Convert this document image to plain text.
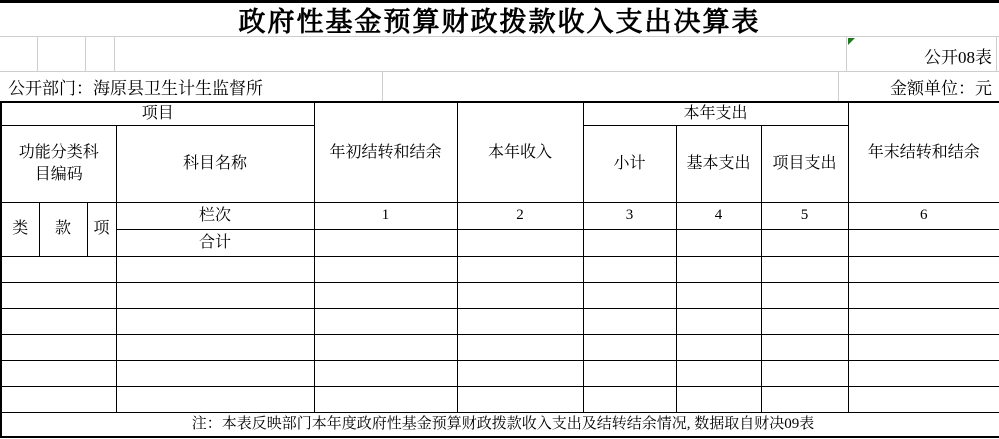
政府性基金预算财政拨款收入支出决算表
公开08表
公开部门：海原县卫生计生监督所	金额单位：元
项目				年初结转和结余	本年收入	本年支出			年末结转和结余
功能分类科目编码			科目名称			小计	基本支出	项目支出	
类	款	项	栏次	1	2	3	4	5	6
			合计						

注：本表反映部门本年度政府性基金预算财政拨款收入支出及结转结余情况, 数据取自财决09表									
